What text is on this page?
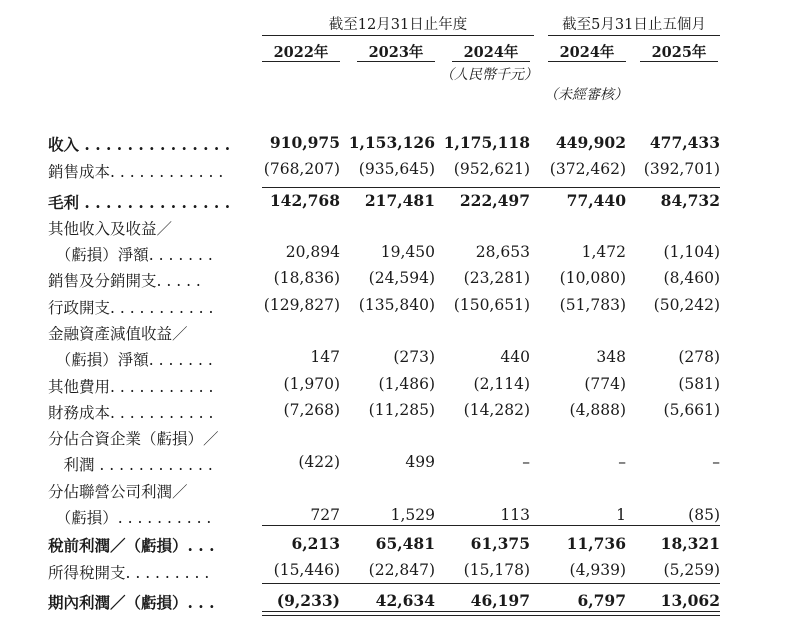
截至12月31日止年度	截至5月31日止五個月
2022年	2023年	2024年	2024年	2025年
（人民幣千元）
（未經審核）
收入 . . . . . . . . . . . . . .	910,975 1,153,126 1,175,118	449,902	477,433
銷售成本. . . . . . . . . . . .	(768,207)	(935,645)	(952,621)	(372,462)	(392,701)
毛利 . . . . . . . . . . . . . .	142,768	217,481	222,497	77,440	84,732
其他收入及收益／
　（虧損）淨額. . . . . . .	20,894	19,450	28,653	1,472	(1,104)
銷售及分銷開支. . . . .	(18,836)	(24,594)	(23,281)	(10,080)	(8,460)
行政開支. . . . . . . . . . .	(129,827)	(135,840)	(150,651)	(51,783)	(50,242)
金融資產減值收益／
　（虧損）淨額. . . . . . .	147	(273)	440	348	(278)
其他費用. . . . . . . . . . .	(1,970)	(1,486)	(2,114)	(774)	(581)
財務成本. . . . . . . . . . .	(7,268)	(11,285)	(14,282)	(4,888)	(5,661)
分佔合資企業（虧損）／
　利潤 . . . . . . . . . . . .	(422)	499	–	–	–
分佔聯營公司利潤／
　（虧損）. . . . . . . . . .	727	1,529	113	1	(85)
稅前利潤／（虧損）. . .	6,213	65,481	61,375	11,736	18,321
所得稅開支. . . . . . . . .	(15,446)	(22,847)	(15,178)	(4,939)	(5,259)
期內利潤／（虧損）. . .	(9,233)	42,634	46,197	6,797	13,062
